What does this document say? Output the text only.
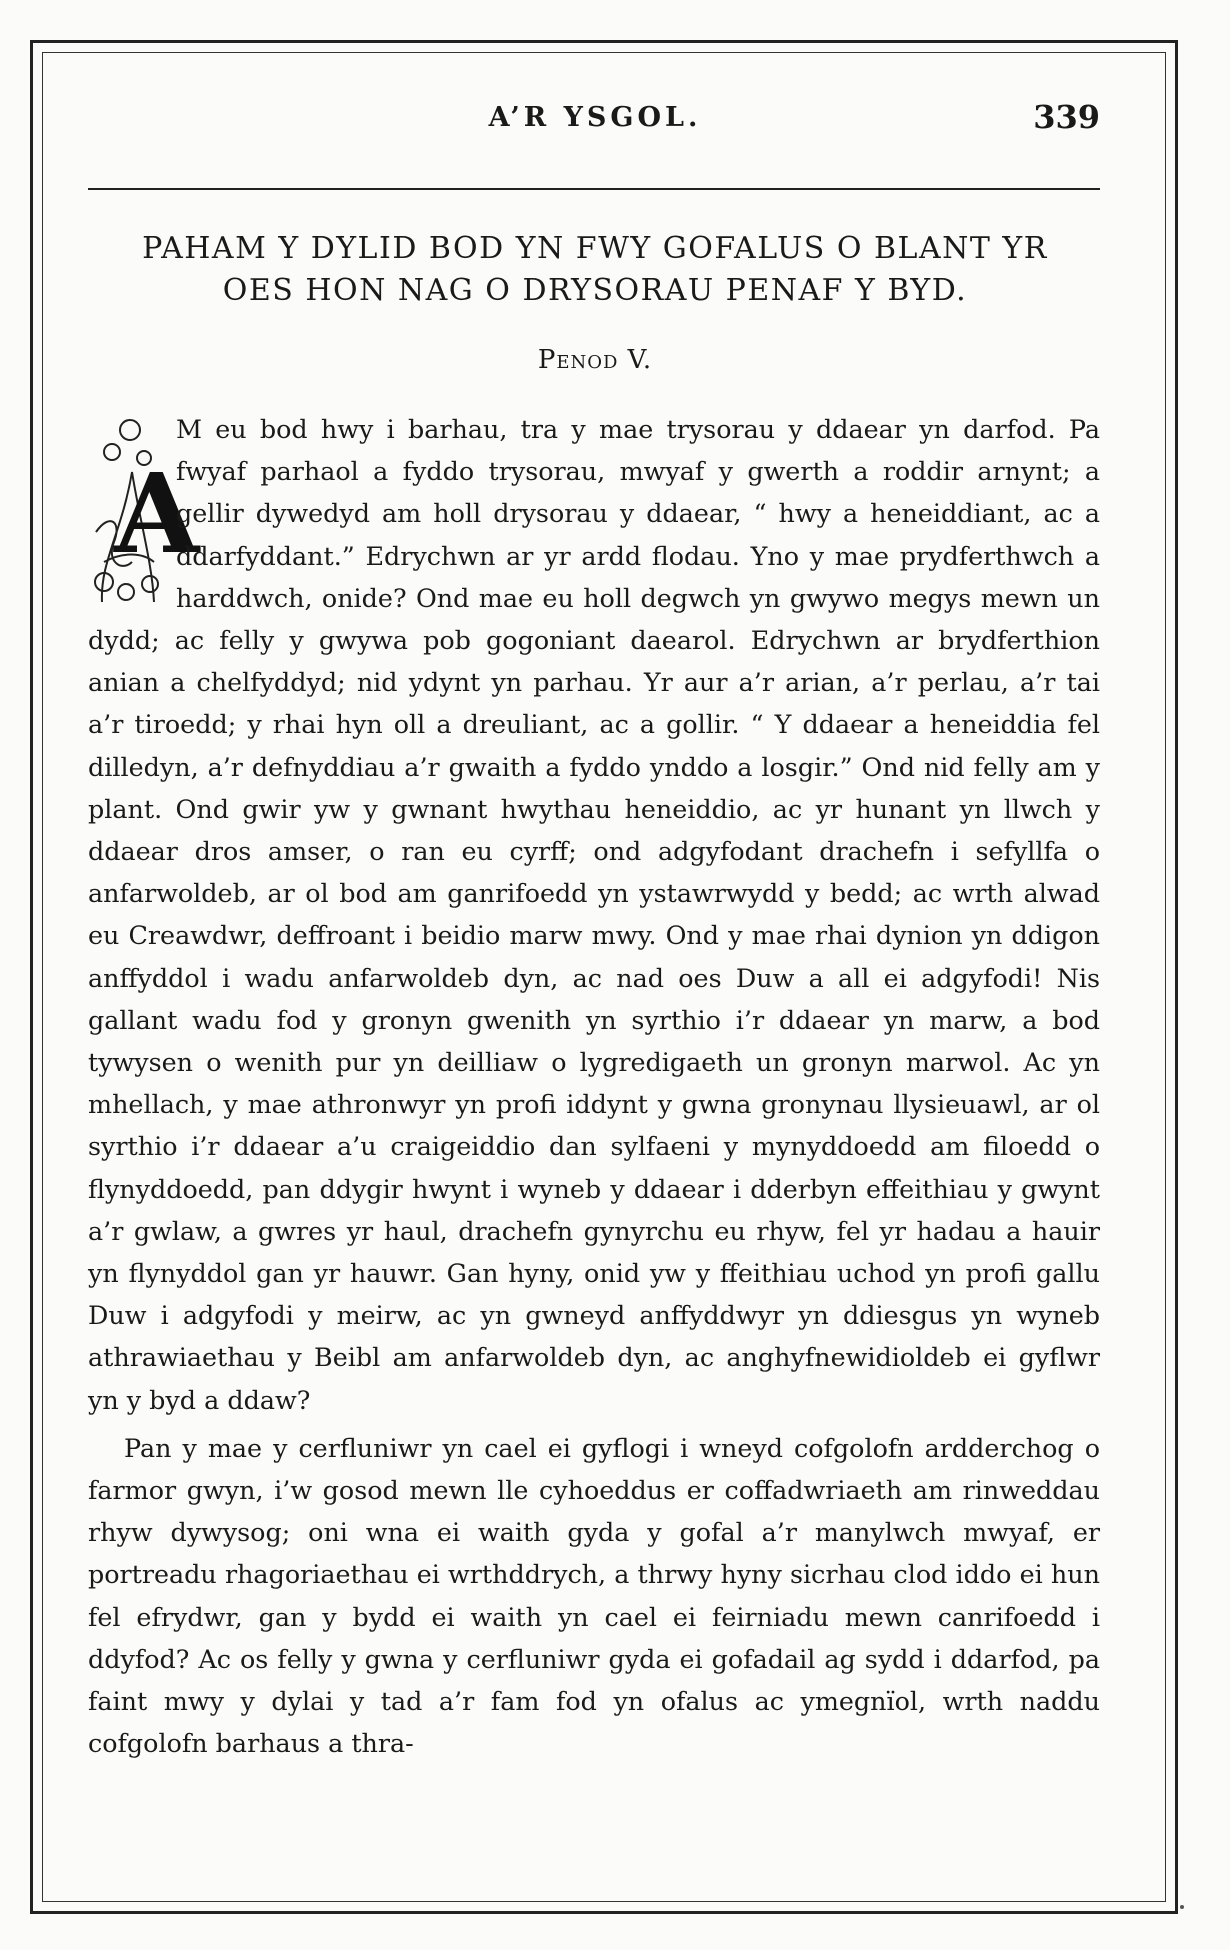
A’R YSGOL.	339
PAHAM Y DYLID BOD YN FWY GOFALUS O BLANT YR
OES HON NAG O DRYSORAU PENAF Y BYD.
Penod V.
A

M eu bod hwy i barhau, tra y mae trysorau y ddaear yn darfod. Pa fwyaf parhaol a fyddo trysorau, mwyaf y gwerth a roddir arnynt; a gellir dywedyd am holl drysorau y ddaear, “ hwy a heneiddiant, ac a ddarfyddant.” Edrychwn ar yr ardd flodau. Yno y mae prydferthwch a harddwch, onide? Ond mae eu holl degwch yn gwywo megys mewn un dydd; ac felly y gwywa pob gogoniant daearol. Edrychwn ar brydferthion anian a chelfyddyd; nid ydynt yn parhau. Yr aur a’r arian, a’r perlau, a’r tai a’r tiroedd; y rhai hyn oll a dreuliant, ac a gollir. “ Y ddaear a heneiddia fel dilledyn, a’r defnyddiau a’r gwaith a fyddo ynddo a losgir.” Ond nid felly am y plant. Ond gwir yw y gwnant hwythau heneiddio, ac yr hunant yn llwch y ddaear dros amser, o ran eu cyrff; ond adgyfodant drachefn i sefyllfa o anfarwoldeb, ar ol bod am ganrifoedd yn ystawrwydd y bedd; ac wrth alwad eu Creawdwr, deffroant i beidio marw mwy. Ond y mae rhai dynion yn ddigon anffyddol i wadu anfarwoldeb dyn, ac nad oes Duw a all ei adgyfodi! Nis gallant wadu fod y gronyn gwenith yn syrthio i’r ddaear yn marw, a bod tywysen o wenith pur yn deilliaw o lygredigaeth un gronyn marwol. Ac yn mhellach, y mae athronwyr yn profi iddynt y gwna gronynau llysieuawl, ar ol syrthio i’r ddaear a’u craigeiddio dan sylfaeni y mynyddoedd am filoedd o flynyddoedd, pan ddygir hwynt i wyneb y ddaear i dderbyn effeithiau y gwynt a’r gwlaw, a gwres yr haul, drachefn gynyrchu eu rhyw, fel yr hadau a hauir yn flynyddol gan yr hauwr. Gan hyny, onid yw y ffeithiau uchod yn profi gallu Duw i adgyfodi y meirw, ac yn gwneyd anffyddwyr yn ddiesgus yn wyneb athrawiaethau y Beibl am anfarwoldeb dyn, ac anghyfnewidioldeb ei gyflwr yn y byd a ddaw?

Pan y mae y cerfluniwr yn cael ei gyflogi i wneyd cofgolofn ardderchog o farmor gwyn, i’w gosod mewn lle cyhoeddus er coffadwriaeth am rinweddau rhyw dywysog; oni wna ei waith gyda y gofal a’r manylwch mwyaf, er portreadu rhagoriaethau ei wrthddrych, a thrwy hyny sicrhau clod iddo ei hun fel efrydwr, gan y bydd ei waith yn cael ei feirniadu mewn canrifoedd i ddyfod? Ac os felly y gwna y cerfluniwr gyda ei gofadail ag sydd i ddarfod, pa faint mwy y dylai y tad a’r fam fod yn ofalus ac ymegnïol, wrth naddu cofgolofn barhaus a thra-
